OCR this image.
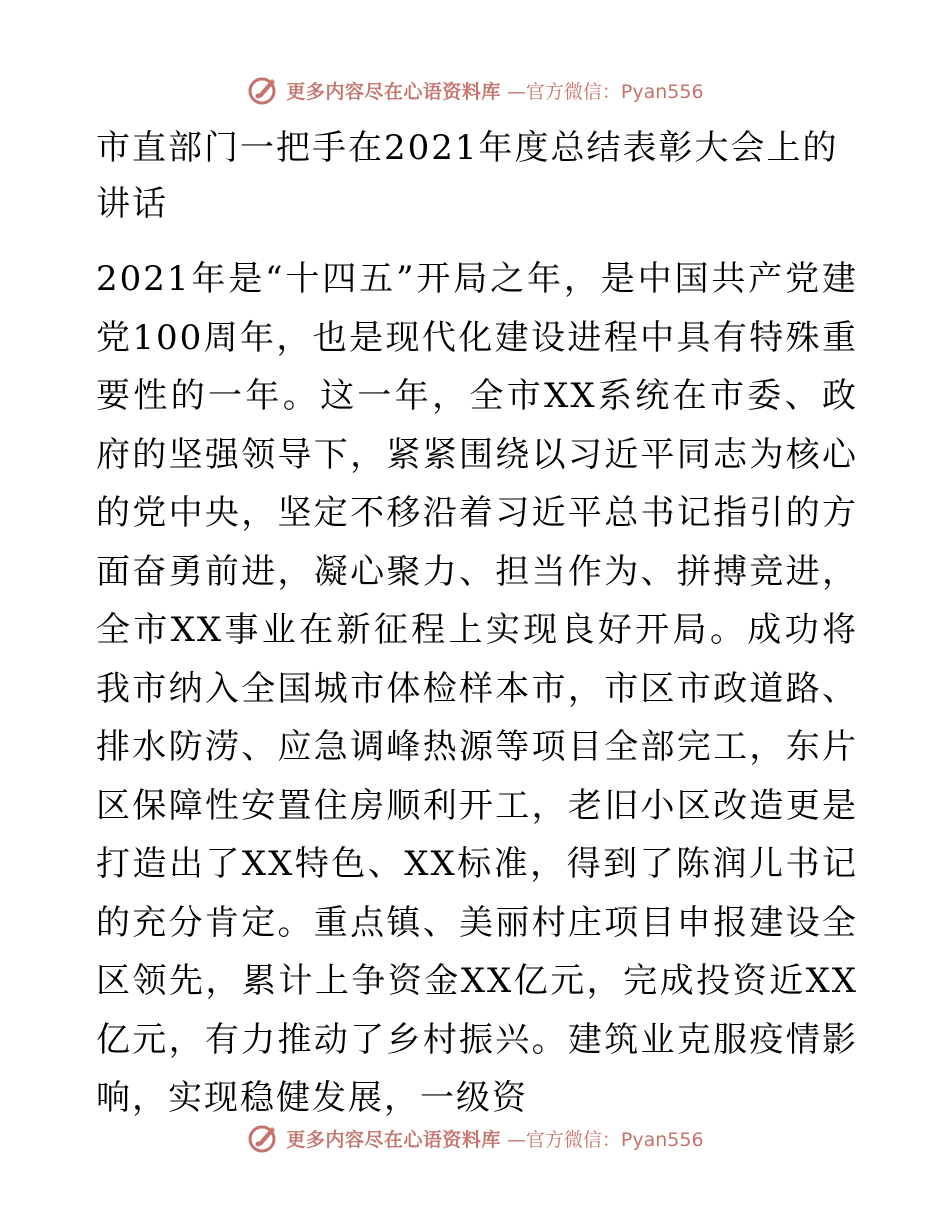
更多内容尽在心语资料库 —官方微信：Pyan556
市直部门一把手在2021年度总结表彰大会上的讲话

2021年是“十四五”开局之年，是中国共产党建党100周年，也是现代化建设进程中具有特殊重要性的一年。这一年，全市XX系统在市委、政府的坚强领导下，紧紧围绕以习近平同志为核心的党中央，坚定不移沿着习近平总书记指引的方面奋勇前进，凝心聚力、担当作为、拼搏竞进，全市XX事业在新征程上实现良好开局。成功将我市纳入全国城市体检样本市，市区市政道路、排水防涝、应急调峰热源等项目全部完工，东片区保障性安置住房顺利开工，老旧小区改造更是打造出了XX特色、XX标准，得到了陈润儿书记的充分肯定。重点镇、美丽村庄项目申报建设全区领先，累计上争资金XX亿元，完成投资近XX亿元，有力推动了乡村振兴。建筑业克服疫情影响，实现稳健发展，一级资

更多内容尽在心语资料库 —官方微信：Pyan556
